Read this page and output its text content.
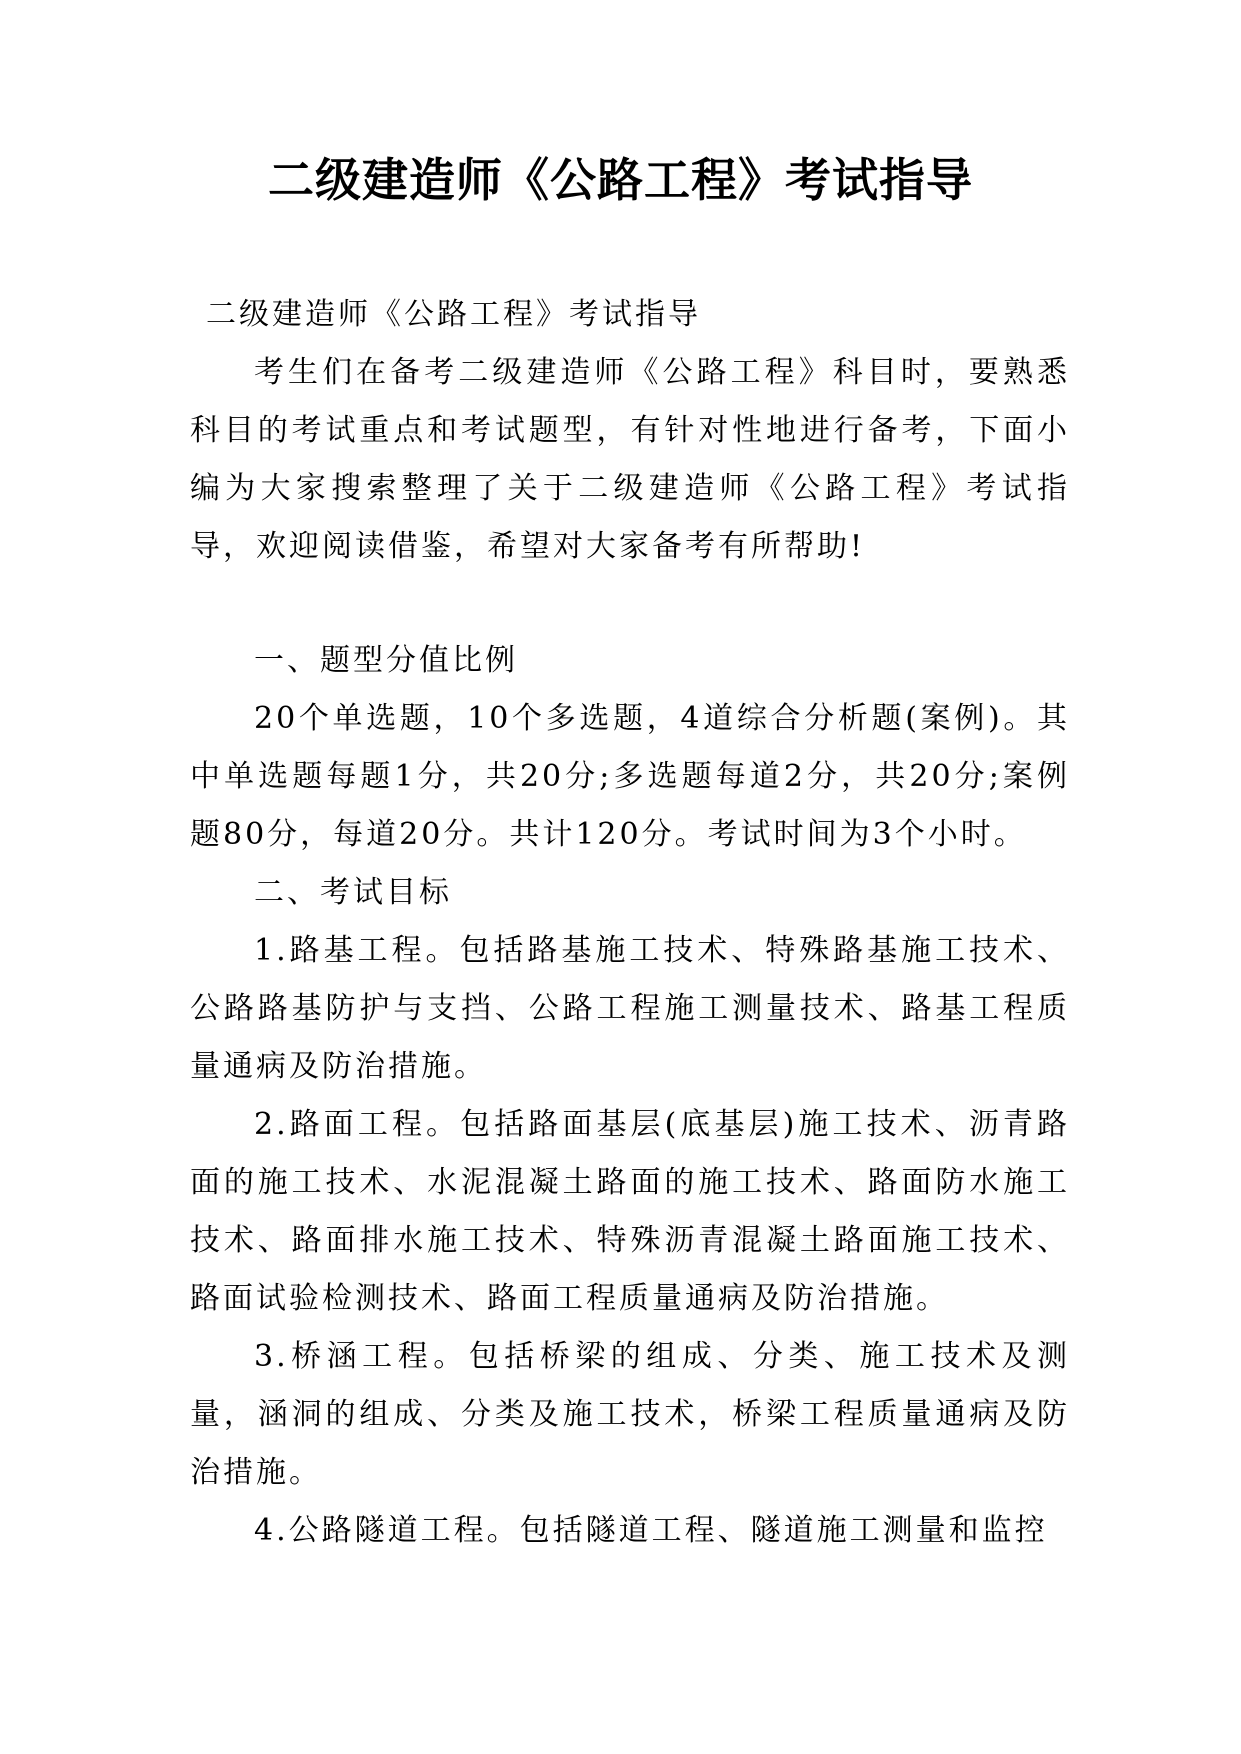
二级建造师《公路工程》考试指导

二级建造师《公路工程》考试指导

考生们在备考二级建造师《公路工程》科目时，要熟悉科目的考试重点和考试题型，有针对性地进行备考，下面小编为大家搜索整理了关于二级建造师《公路工程》考试指导，欢迎阅读借鉴，希望对大家备考有所帮助!

一、题型分值比例

20个单选题，10个多选题，4道综合分析题(案例)。其中单选题每题1分，共20分;多选题每道2分，共20分;案例题80分，每道20分。共计120分。考试时间为3个小时。

二、考试目标

1.路基工程。包括路基施工技术、特殊路基施工技术、公路路基防护与支挡、公路工程施工测量技术、路基工程质量通病及防治措施。

2.路面工程。包括路面基层(底基层)施工技术、沥青路面的施工技术、水泥混凝土路面的施工技术、路面防水施工技术、路面排水施工技术、特殊沥青混凝土路面施工技术、路面试验检测技术、路面工程质量通病及防治措施。

3.桥涵工程。包括桥梁的组成、分类、施工技术及测量，涵洞的组成、分类及施工技术，桥梁工程质量通病及防治措施。

4.公路隧道工程。包括隧道工程、隧道施工测量和监控
